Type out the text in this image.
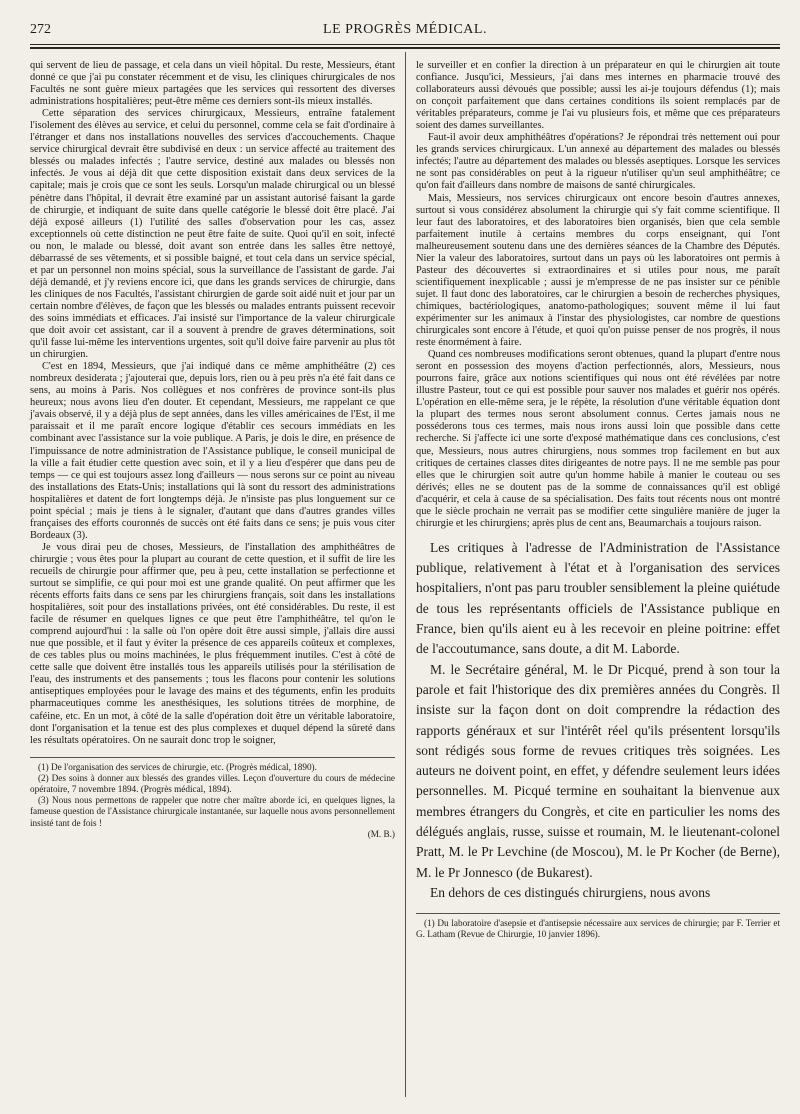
272	LE PROGRÈS MÉDICAL.

qui servent de lieu de passage, et cela dans un vieil hôpital. Du reste, Messieurs, étant donné ce que j'ai pu constater récemment et de visu, les cliniques chirurgicales de nos Facultés ne sont guère mieux partagées que les services qui ressortent des diverses administrations hospitalières; peut-être même ces derniers sont-ils mieux installés.

Cette séparation des services chirurgicaux, Messieurs, entraîne fatalement l'isolement des élèves au service, et celui du personnel, comme cela se fait d'ordinaire à l'étranger et dans nos installations nouvelles des services d'accouchements. Chaque service chirurgical devrait être subdivisé en deux : un service affecté au traitement des blessés ou malades infectés ; l'autre service, destiné aux malades ou blessés non infectés. Je vous ai déjà dit que cette disposition existait dans deux services de la capitale; mais je crois que ce sont les seuls. Lorsqu'un malade chirurgical ou un blessé pénètre dans l'hôpital, il devrait être examiné par un assistant autorisé faisant la garde de chirurgie, et indiquant de suite dans quelle catégorie le blessé doit être placé. J'ai déjà exposé ailleurs (1) l'utilité des salles d'observation pour les cas, assez exceptionnels où cette distinction ne peut être faite de suite. Quoi qu'il en soit, infecté ou non, le malade ou blessé, doit avant son entrée dans les salles être nettoyé, débarrassé de ses vêtements, et si possible baigné, et tout cela dans un service spécial, et par un personnel non moins spécial, sous la surveillance de l'assistant de garde. J'ai déjà demandé, et j'y reviens encore ici, que dans les grands services de chirurgie, dans les cliniques de nos Facultés, l'assistant chirurgien de garde soit aidé nuit et jour par un certain nombre d'élèves, de façon que les blessés ou malades entrants puissent recevoir des soins immédiats et efficaces. J'ai insisté sur l'importance de la valeur chirurgicale que doit avoir cet assistant, car il a souvent à prendre de graves déterminations, soit qu'il fasse lui-même les interventions urgentes, soit qu'il doive faire parvenir au plus tôt un chirurgien.

C'est en 1894, Messieurs, que j'ai indiqué dans ce même amphithéâtre (2) ces nombreux desiderata ; j'ajouterai que, depuis lors, rien ou à peu près n'a été fait dans ce sens, au moins à Paris. Nos collègues et nos confrères de province sont-ils plus heureux; nous avons lieu d'en douter. Et cependant, Messieurs, me rappelant ce que j'avais observé, il y a déjà plus de sept années, dans les villes américaines de l'Est, il me paraissait et il me paraît encore logique d'établir ces secours immédiats en les combinant avec l'assistance sur la voie publique. A Paris, je dois le dire, en présence de l'impuissance de notre administration de l'Assistance publique, le conseil municipal de la ville a fait étudier cette question avec soin, et il y a lieu d'espérer que dans peu de temps — ce qui est toujours assez long d'ailleurs — nous serons sur ce point au niveau des installations des Etats-Unis; installations qui là sont du ressort des administrations hospitalières et datent de fort longtemps déjà. Je n'insiste pas plus longuement sur ce point spécial ; mais je tiens à le signaler, d'autant que dans d'autres grandes villes françaises des efforts couronnés de succès ont été faits dans ce sens; je puis vous citer Bordeaux (3).

Je vous dirai peu de choses, Messieurs, de l'installation des amphithéâtres de chirurgie ; vous êtes pour la plupart au courant de cette question, et il suffit de lire les recueils de chirurgie pour affirmer que, peu à peu, cette installation se perfectionne et surtout se simplifie, ce qui pour moi est une grande qualité. On peut affirmer que les récents efforts faits dans ce sens par les chirurgiens français, soit dans les installations hospitalières, soit pour des installations privées, ont été considérables. Du reste, il est facile de résumer en quelques lignes ce que peut être l'amphithéâtre, tel qu'on le comprend aujourd'hui : la salle où l'on opère doit être aussi simple, j'allais dire aussi nue que possible, et il faut y éviter la présence de ces appareils coûteux et complexes, de ces tables plus ou moins machinées, le plus fréquemment inutiles. C'est à côté de cette salle que doivent être installés tous les appareils utilisés pour la stérilisation de l'eau, des instruments et des pansements ; tous les flacons pour contenir les solutions antiseptiques employées pour le lavage des mains et des téguments, enfin les produits pharmaceutiques comme les anesthésiques, les solutions titrées de morphine, de caféine, etc. En un mot, à côté de la salle d'opération doit être un véritable laboratoire, dont l'organisation et la tenue est des plus complexes et duquel dépend la sûreté dans les résultats opératoires. On ne saurait donc trop le soigner,

(1) De l'organisation des services de chirurgie, etc. (Progrès médical, 1890).

(2) Des soins à donner aux blessés des grandes villes. Leçon d'ouverture du cours de médecine opératoire, 7 novembre 1894. (Progrès médical, 1894).

(3) Nous nous permettons de rappeler que notre cher maître aborde ici, en quelques lignes, la fameuse question de l'Assistance chirurgicale instantanée, sur laquelle nous avons personnellement insisté tant de fois !

(M. B.)

le surveiller et en confier la direction à un préparateur en qui le chirurgien ait toute confiance. Jusqu'ici, Messieurs, j'ai dans mes internes en pharmacie trouvé des collaborateurs aussi dévoués que possible; aussi les ai-je toujours défendus (1); mais on conçoit parfaitement que dans certaines conditions ils soient remplacés par de véritables préparateurs, comme je l'ai vu plusieurs fois, et même que ces préparateurs soient des dames surveillantes.

Faut-il avoir deux amphithéâtres d'opérations? Je répondrai très nettement oui pour les grands services chirurgicaux. L'un annexé au département des malades ou blessés infectés; l'autre au département des malades ou blessés aseptiques. Lorsque les services ne sont pas considérables on peut à la rigueur n'utiliser qu'un seul amphithéâtre; ce qu'on fait d'ailleurs dans nombre de maisons de santé chirurgicales.

Mais, Messieurs, nos services chirurgicaux ont encore besoin d'autres annexes, surtout si vous considérez absolument la chirurgie qui s'y fait comme scientifique. Il leur faut des laboratoires, et des laboratoires bien organisés, bien que cela semble parfaitement inutile à certains membres du corps enseignant, qui l'ont malheureusement soutenu dans une des dernières séances de la Chambre des Députés. Nier la valeur des laboratoires, surtout dans un pays où les laboratoires ont permis à Pasteur des découvertes si extraordinaires et si utiles pour nous, me paraît scientifiquement inexplicable ; aussi je m'empresse de ne pas insister sur ce pénible sujet. Il faut donc des laboratoires, car le chirurgien a besoin de recherches physiques, chimiques, bactériologiques, anatomo-pathologiques; souvent même il lui faut expérimenter sur les animaux à l'instar des physiologistes, car nombre de questions chirurgicales sont encore à l'étude, et quoi qu'on puisse penser de nos progrès, il nous reste énormément à faire.

Quand ces nombreuses modifications seront obtenues, quand la plupart d'entre nous seront en possession des moyens d'action perfectionnés, alors, Messieurs, nous pourrons faire, grâce aux notions scientifiques qui nous ont été révélées par notre illustre Pasteur, tout ce qui est possible pour sauver nos malades et guérir nos opérés. L'opération en elle-même sera, je le répète, la résolution d'une véritable équation dont la plupart des termes nous seront absolument connus. Certes jamais nous ne posséderons tous ces termes, mais nous irons aussi loin que possible dans cette recherche. Si j'affecte ici une sorte d'exposé mathématique dans ces conclusions, c'est que, Messieurs, nous autres chirurgiens, nous sommes trop facilement en but aux critiques de certaines classes dites dirigeantes de notre pays. Il ne me semble pas pour elles que le chirurgien soit autre qu'un homme habile à manier le couteau ou ses dérivés; elles ne se doutent pas de la somme de connaissances qu'il est obligé d'acquérir, et cela à cause de sa spécialisation. Des faits tout récents nous ont montré que le siècle prochain ne verrait pas se modifier cette singulière manière de juger la chirurgie et les chirurgiens; après plus de cent ans, Beaumarchais a toujours raison.

Les critiques à l'adresse de l'Administration de l'Assistance publique, relativement à l'état et à l'organisation des services hospitaliers, n'ont pas paru troubler sensiblement la pleine quiétude de tous les représentants officiels de l'Assistance publique en France, bien qu'ils aient eu à les recevoir en pleine poitrine: effet de l'accoutumance, sans doute, a dit M. Laborde.

M. le Secrétaire général, M. le Dr Picqué, prend à son tour la parole et fait l'historique des dix premières années du Congrès. Il insiste sur la façon dont on doit comprendre la rédaction des rapports généraux et sur l'intérêt réel qu'ils présentent lorsqu'ils sont rédigés sous forme de revues critiques très soignées. Les auteurs ne doivent point, en effet, y défendre seulement leurs idées personnelles. M. Picqué termine en souhaitant la bienvenue aux membres étrangers du Congrès, et cite en particulier les noms des délégués anglais, russe, suisse et roumain, M. le lieutenant-colonel Pratt, M. le Pr Levchine (de Moscou), M. le Pr Kocher (de Berne), M. le Pr Jonnesco (de Bukarest).

En dehors de ces distingués chirurgiens, nous avons

(1) Du laboratoire d'asepsie et d'antisepsie nécessaire aux services de chirurgie; par F. Terrier et G. Latham (Revue de Chirurgie, 10 janvier 1896).
